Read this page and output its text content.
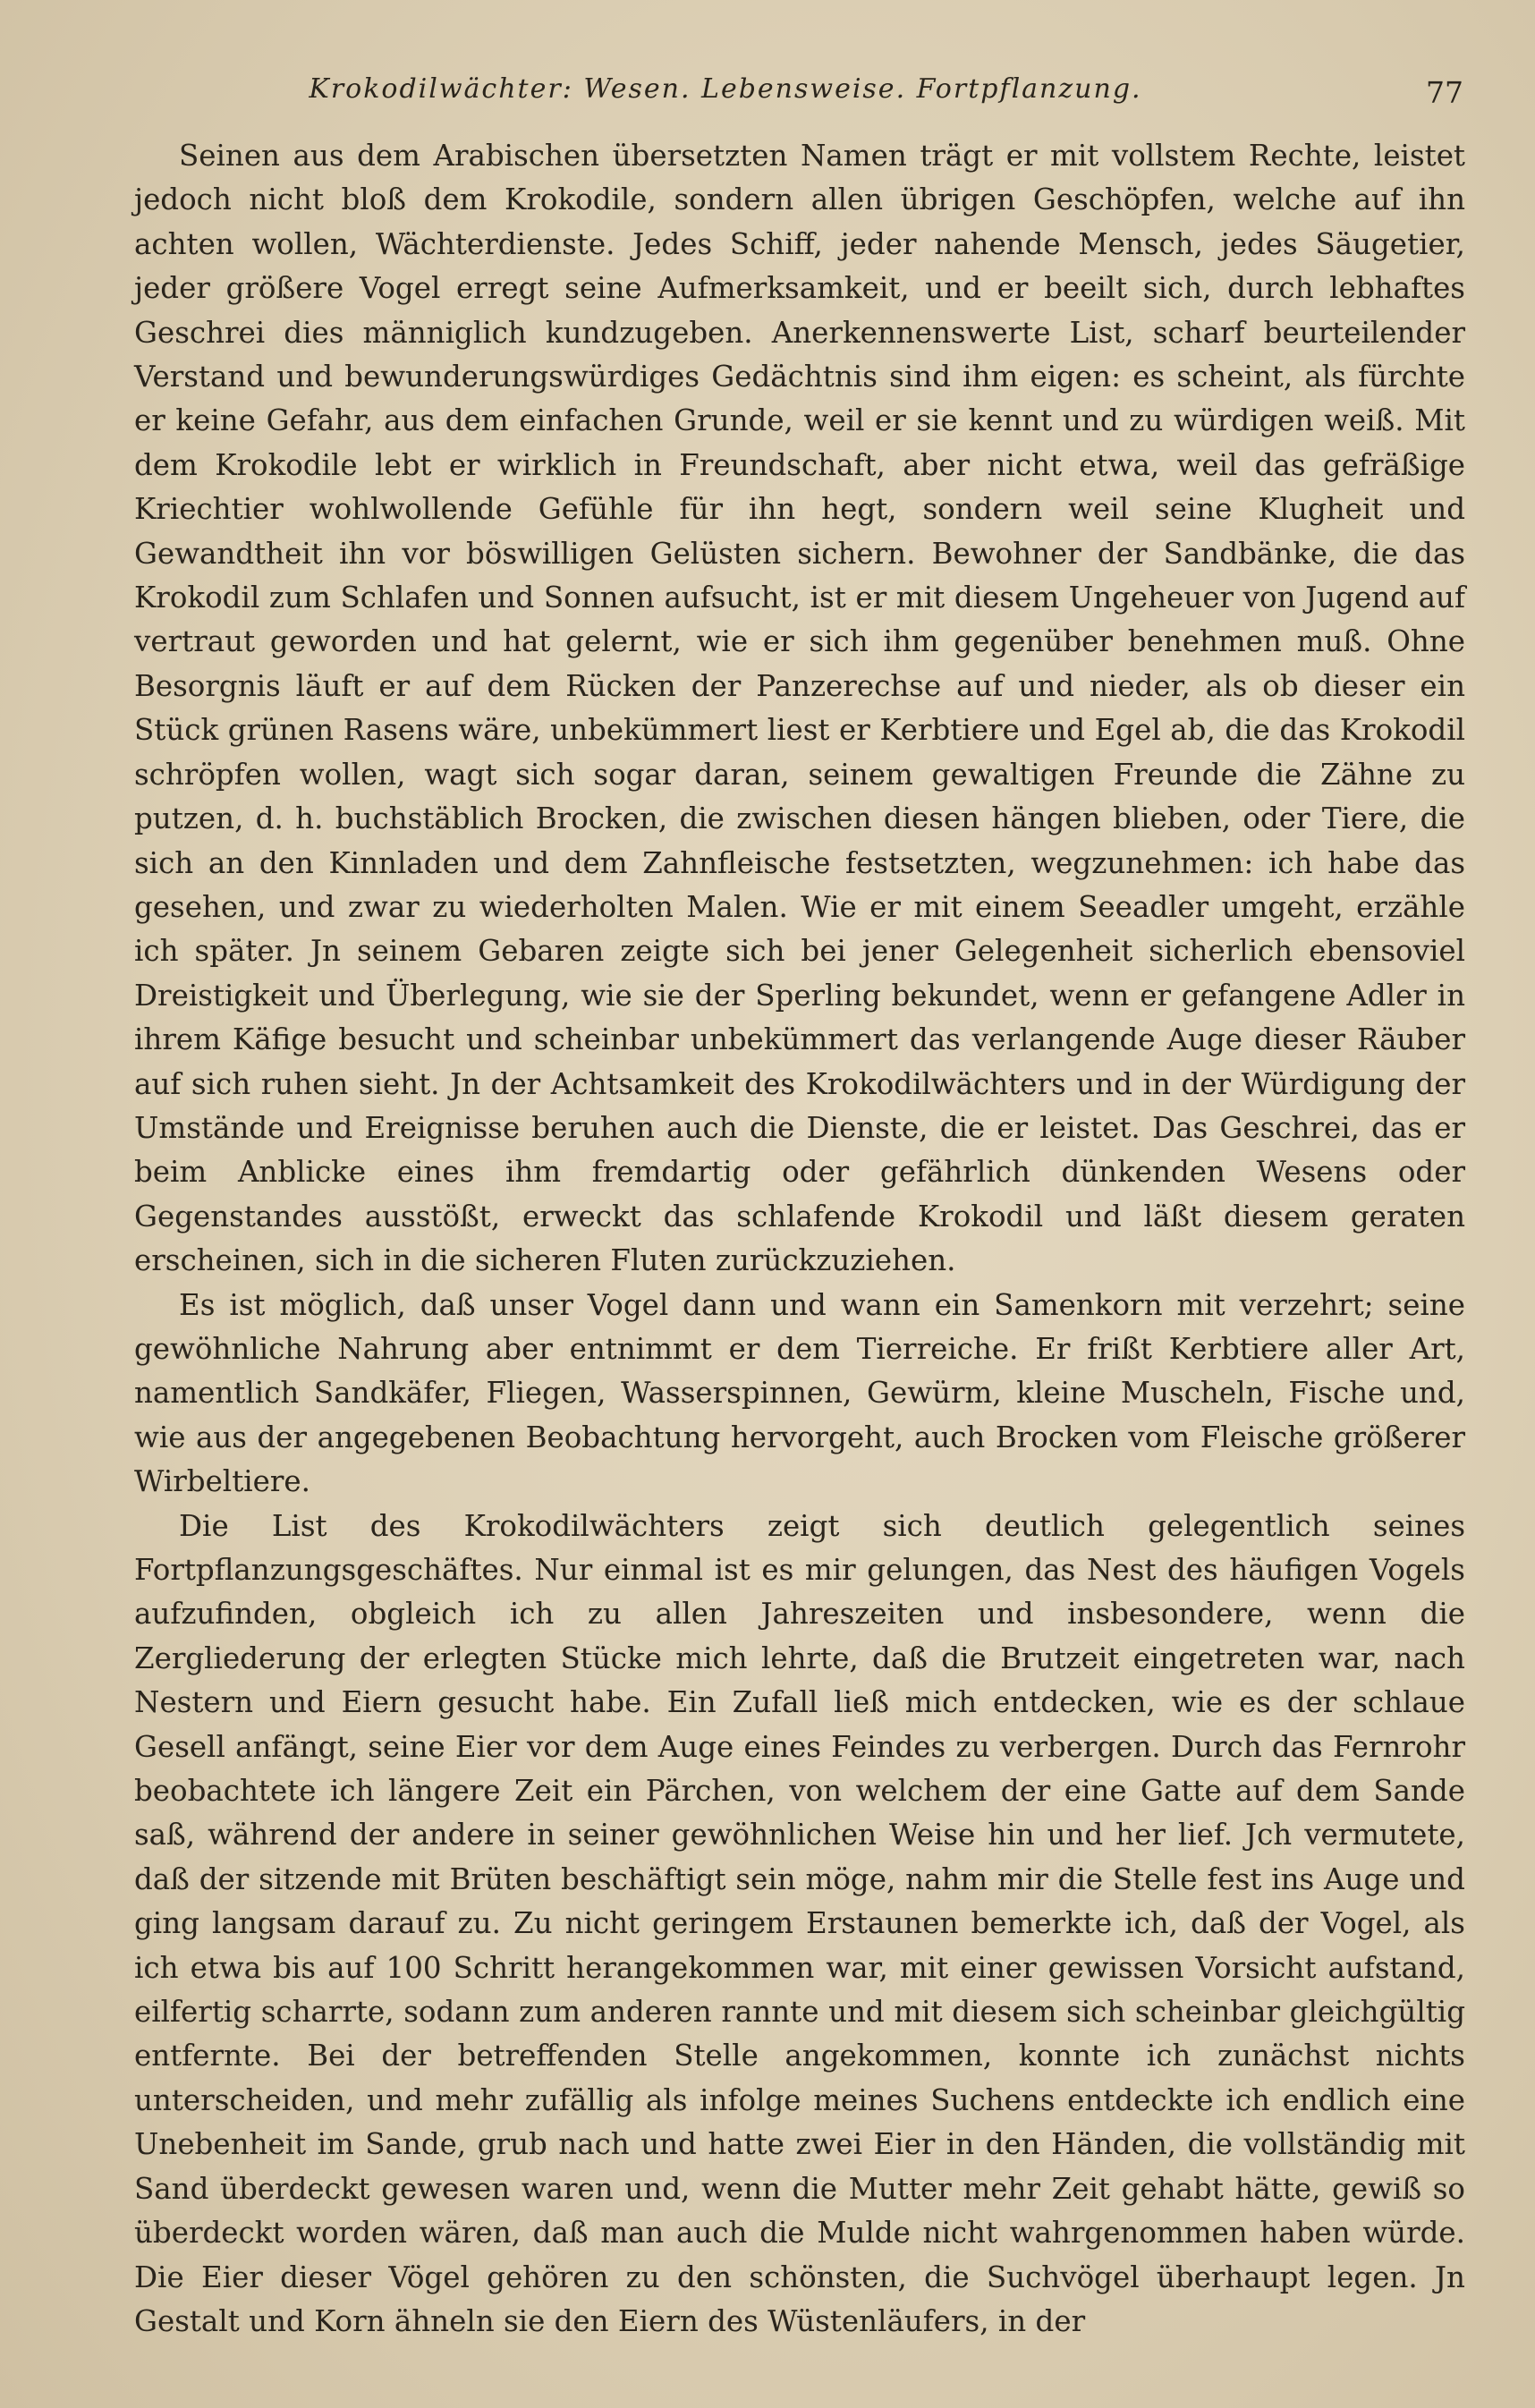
Krokodilwächter: Wesen. Lebensweise. Fortpflanzung.	77

Seinen aus dem Arabischen übersetzten Namen trägt er mit vollstem Rechte, leistet jedoch nicht bloß dem Krokodile, sondern allen übrigen Geschöpfen, welche auf ihn achten wollen, Wächterdienste. Jedes Schiff, jeder nahende Mensch, jedes Säugetier, jeder größere Vogel erregt seine Aufmerksamkeit, und er beeilt sich, durch lebhaftes Geschrei dies männiglich kundzugeben. Anerkennenswerte List, scharf beurteilender Verstand und bewunderungswürdiges Gedächtnis sind ihm eigen: es scheint, als fürchte er keine Gefahr, aus dem einfachen Grunde, weil er sie kennt und zu würdigen weiß. Mit dem Krokodile lebt er wirklich in Freundschaft, aber nicht etwa, weil das gefräßige Kriechtier wohlwollende Gefühle für ihn hegt, sondern weil seine Klugheit und Gewandtheit ihn vor böswilligen Gelüsten sichern. Bewohner der Sandbänke, die das Krokodil zum Schlafen und Sonnen aufsucht, ist er mit diesem Ungeheuer von Jugend auf vertraut geworden und hat gelernt, wie er sich ihm gegenüber benehmen muß. Ohne Besorgnis läuft er auf dem Rücken der Panzerechse auf und nieder, als ob dieser ein Stück grünen Rasens wäre, unbekümmert liest er Kerbtiere und Egel ab, die das Krokodil schröpfen wollen, wagt sich sogar daran, seinem gewaltigen Freunde die Zähne zu putzen, d. h. buchstäblich Brocken, die zwischen diesen hängen blieben, oder Tiere, die sich an den Kinnladen und dem Zahnfleische festsetzten, wegzunehmen: ich habe das gesehen, und zwar zu wiederholten Malen. Wie er mit einem Seeadler umgeht, erzähle ich später. Jn seinem Gebaren zeigte sich bei jener Gelegenheit sicherlich ebensoviel Dreistigkeit und Überlegung, wie sie der Sperling bekundet, wenn er gefangene Adler in ihrem Käfige besucht und scheinbar unbekümmert das verlangende Auge dieser Räuber auf sich ruhen sieht. Jn der Achtsamkeit des Krokodilwächters und in der Würdigung der Umstände und Ereignisse beruhen auch die Dienste, die er leistet. Das Geschrei, das er beim Anblicke eines ihm fremdartig oder gefährlich dünkenden Wesens oder Gegenstandes ausstößt, erweckt das schlafende Krokodil und läßt diesem geraten erscheinen, sich in die sicheren Fluten zurückzuziehen.

Es ist möglich, daß unser Vogel dann und wann ein Samenkorn mit verzehrt; seine gewöhnliche Nahrung aber entnimmt er dem Tierreiche. Er frißt Kerbtiere aller Art, namentlich Sandkäfer, Fliegen, Wasserspinnen, Gewürm, kleine Muscheln, Fische und, wie aus der angegebenen Beobachtung hervorgeht, auch Brocken vom Fleische größerer Wirbeltiere.

Die List des Krokodilwächters zeigt sich deutlich gelegentlich seines Fortpflanzungsgeschäftes. Nur einmal ist es mir gelungen, das Nest des häufigen Vogels aufzufinden, obgleich ich zu allen Jahreszeiten und insbesondere, wenn die Zergliederung der erlegten Stücke mich lehrte, daß die Brutzeit eingetreten war, nach Nestern und Eiern gesucht habe. Ein Zufall ließ mich entdecken, wie es der schlaue Gesell anfängt, seine Eier vor dem Auge eines Feindes zu verbergen. Durch das Fernrohr beobachtete ich längere Zeit ein Pärchen, von welchem der eine Gatte auf dem Sande saß, während der andere in seiner gewöhnlichen Weise hin und her lief. Jch vermutete, daß der sitzende mit Brüten beschäftigt sein möge, nahm mir die Stelle fest ins Auge und ging langsam darauf zu. Zu nicht geringem Erstaunen bemerkte ich, daß der Vogel, als ich etwa bis auf 100 Schritt herangekommen war, mit einer gewissen Vorsicht aufstand, eilfertig scharrte, sodann zum anderen rannte und mit diesem sich scheinbar gleichgültig entfernte. Bei der betreffenden Stelle angekommen, konnte ich zunächst nichts unterscheiden, und mehr zufällig als infolge meines Suchens entdeckte ich endlich eine Unebenheit im Sande, grub nach und hatte zwei Eier in den Händen, die vollständig mit Sand überdeckt gewesen waren und, wenn die Mutter mehr Zeit gehabt hätte, gewiß so überdeckt worden wären, daß man auch die Mulde nicht wahrgenommen haben würde. Die Eier dieser Vögel gehören zu den schönsten, die Suchvögel überhaupt legen. Jn Gestalt und Korn ähneln sie den Eiern des Wüstenläufers, in der
